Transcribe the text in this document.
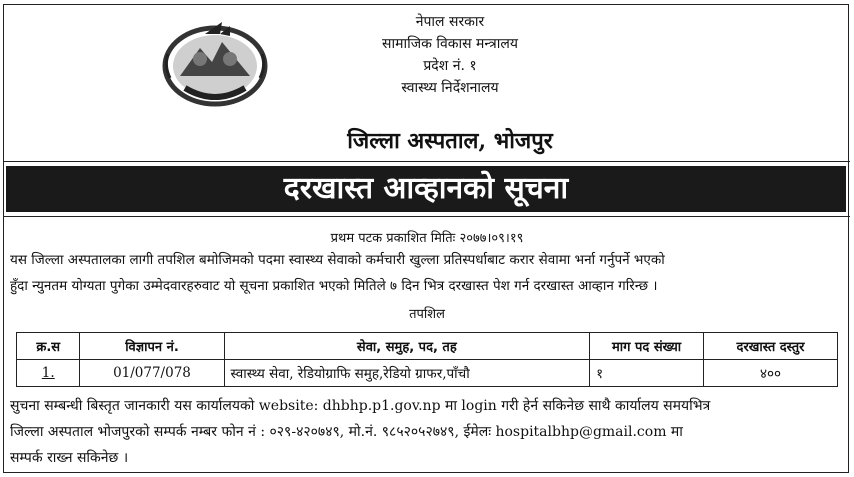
नेपाल सरकार
सामाजिक विकास मन्त्रालय
प्रदेश नं. १
स्वास्थ्य निर्देशनालय
जिल्ला अस्पताल, भोजपुर
दरखास्त आव्हानको सूचना
प्रथम पटक प्रकाशित मितिः २०७७।०९।१९
यस जिल्ला अस्पतालका लागी तपशिल बमोजिमको पदमा स्वास्थ्य सेवाको कर्मचारी खुल्ला प्रतिस्पर्धाबाट करार सेवामा भर्ना गर्नुपर्ने भएको
हुँदा न्युनतम योग्यता पुगेका उम्मेदवारहरुवाट यो सूचना प्रकाशित भएको मितिले ७ दिन भित्र दरखास्त पेश गर्न दरखास्त आव्हान गरिन्छ ।
तपशिल
क्र.स	विज्ञापन नं.	सेवा, समुह, पद, तह	माग पद संख्या	दरखास्त दस्तुर
1.	01/077/078	स्वास्थ्य सेवा, रेडियोग्राफि समुह,रेडियो ग्राफर,पाँचौ	१	४००
सुचना सम्बन्धी बिस्तृत जानकारी यस कार्यालयको website: dhbhp.p1.gov.np मा login गरी हेर्न सकिनेछ साथै कार्यालय समयभित्र
जिल्ला अस्पताल भोजपुरको सम्पर्क नम्बर फोन नं : ०२९-४२०७४९, मो.नं. ९८५२०५२७४९, ईमेलः hospitalbhp@gmail.com मा
सम्पर्क राख्न सकिनेछ ।
